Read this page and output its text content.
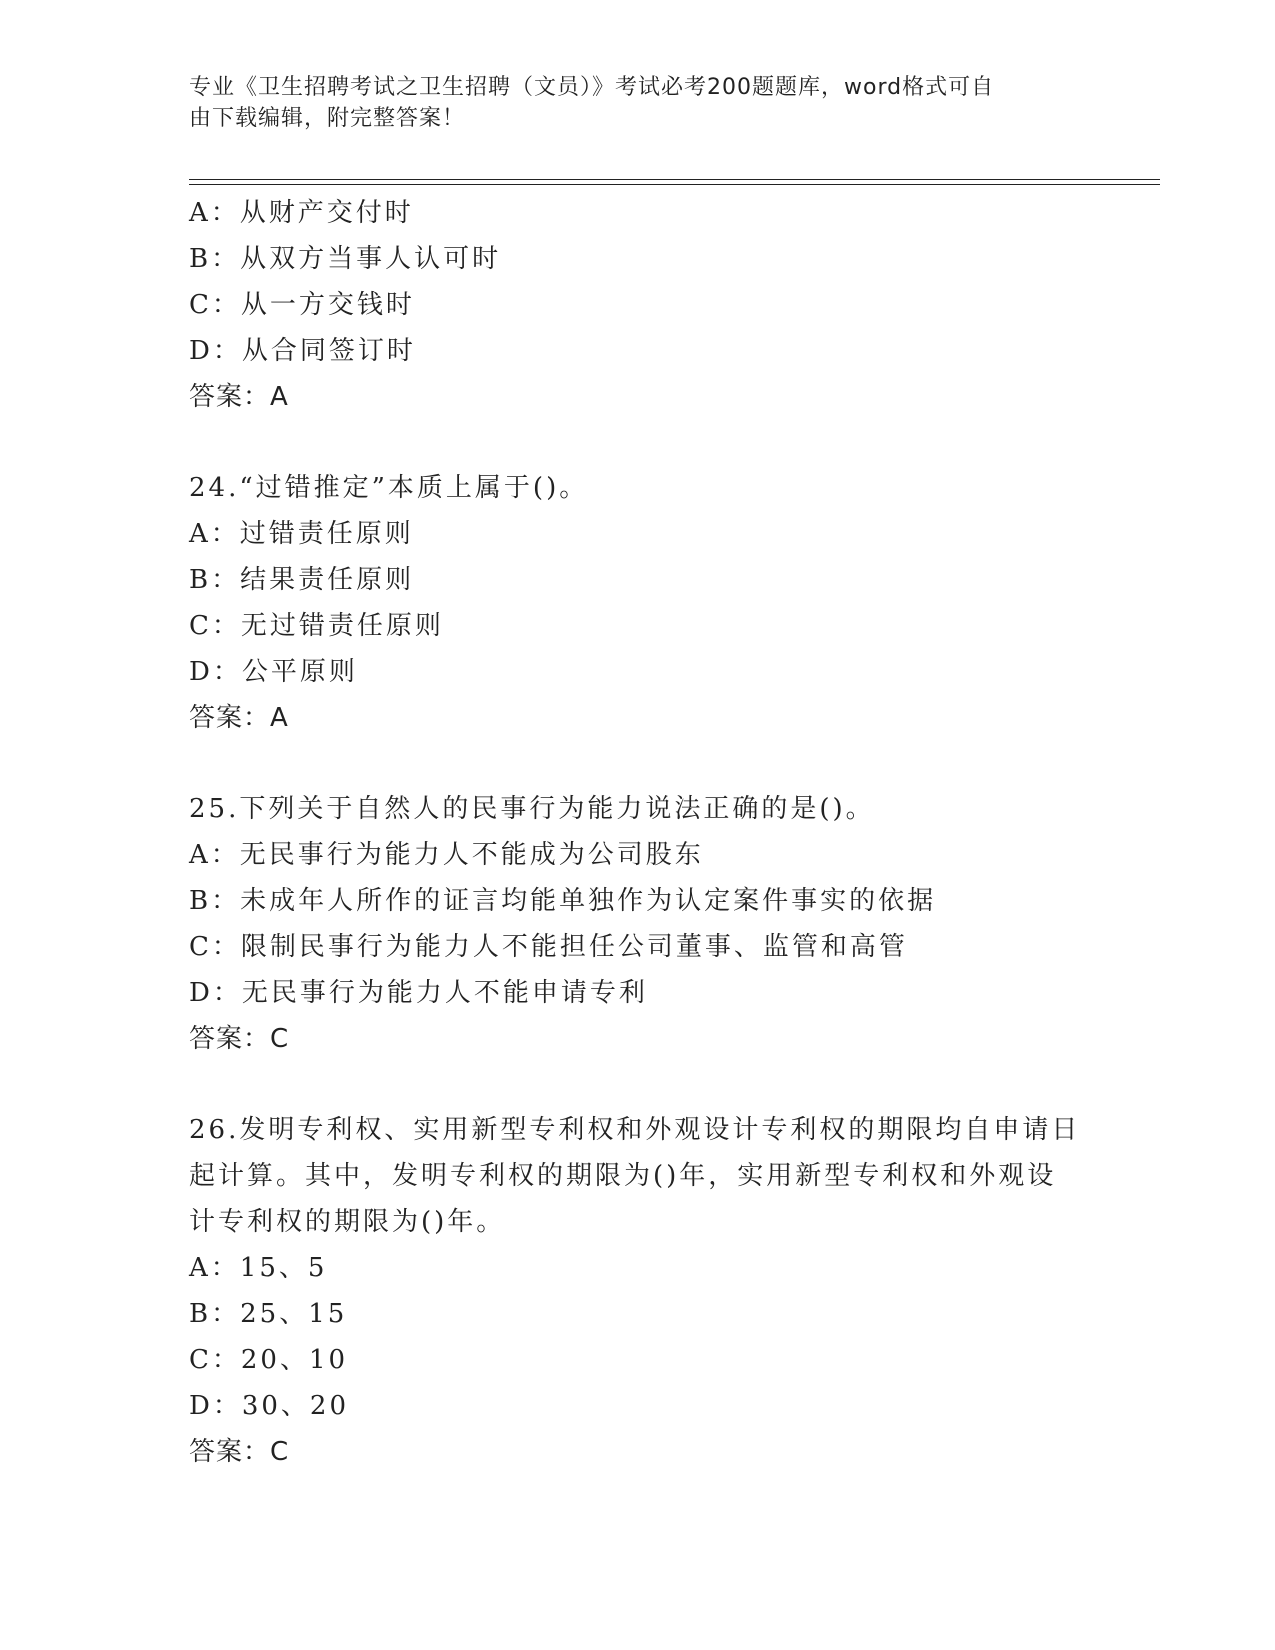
专业《卫生招聘考试之卫生招聘（文员）》考试必考200题题库，word格式可自
由下载编辑，附完整答案！
A：从财产交付时
B：从双方当事人认可时
C：从一方交钱时
D：从合同签订时
答案：A
24.“过错推定”本质上属于()。
A：过错责任原则
B：结果责任原则
C：无过错责任原则
D：公平原则
答案：A
25.下列关于自然人的民事行为能力说法正确的是()。
A：无民事行为能力人不能成为公司股东
B：未成年人所作的证言均能单独作为认定案件事实的依据
C：限制民事行为能力人不能担任公司董事、监管和高管
D：无民事行为能力人不能申请专利
答案：C
26.发明专利权、实用新型专利权和外观设计专利权的期限均自申请日
起计算。其中，发明专利权的期限为()年，实用新型专利权和外观设
计专利权的期限为()年。
A：15、5
B：25、15
C：20、10
D：30、20
答案：C
